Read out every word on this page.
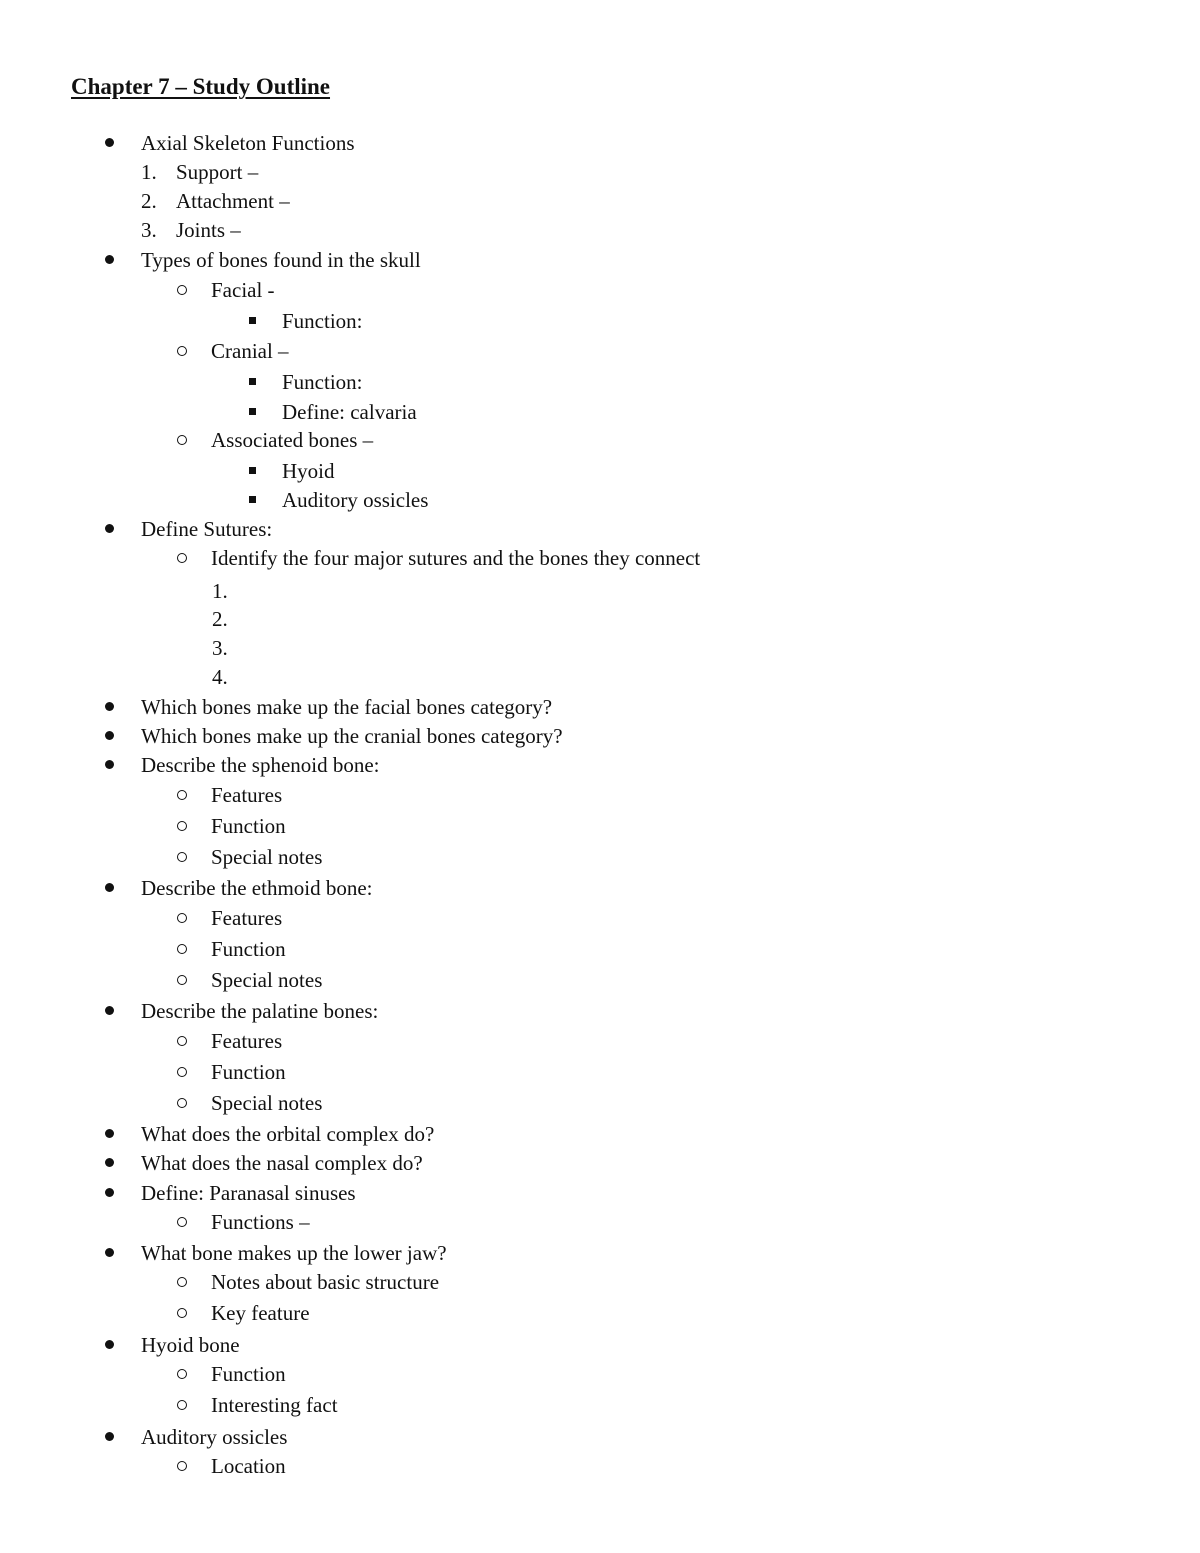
Chapter 7 – Study Outline
Axial Skeleton Functions
1. Support –
2. Attachment –
3. Joints –
Types of bones found in the skull
Facial -
Function:
Cranial –
Function:
Define: calvaria
Associated bones –
Hyoid
Auditory ossicles
Define Sutures:
Identify the four major sutures and the bones they connect
1.
2.
3.
4.
Which bones make up the facial bones category?
Which bones make up the cranial bones category?
Describe the sphenoid bone:
Features
Function
Special notes
Describe the ethmoid bone:
Features
Function
Special notes
Describe the palatine bones:
Features
Function
Special notes
What does the orbital complex do?
What does the nasal complex do?
Define: Paranasal sinuses
Functions –
What bone makes up the lower jaw?
Notes about basic structure
Key feature
Hyoid bone
Function
Interesting fact
Auditory ossicles
Location
